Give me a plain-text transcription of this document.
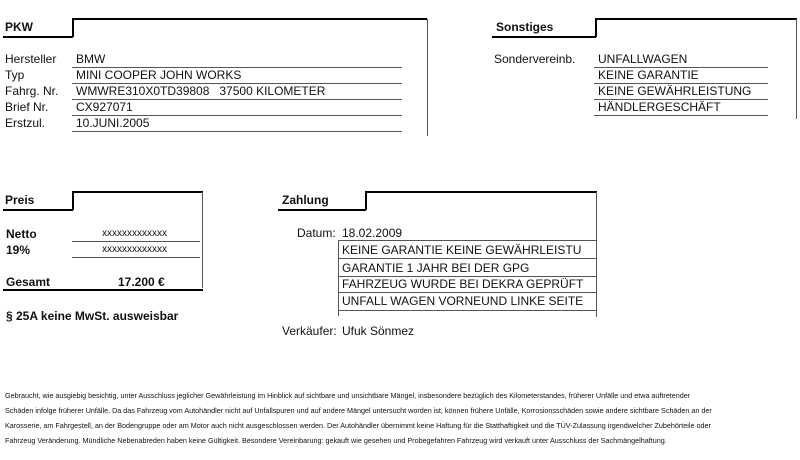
PKW
Hersteller BMW
Typ	MINI COOPER JOHN WORKS
Fahrg. Nr. WMWRE310X0TD39808   37500 KILOMETER
Brief Nr. CX927071
Erstzul.	10.JUNI.2005
Sonstiges
Sondervereinb. UNFALLWAGEN
KEINE GARANTIE
KEINE GEWÄHRLEISTUNG
HÄNDLERGESCHÄFT
Preis
Netto	xxxxxxxxxxxxx
19%	xxxxxxxxxxxxx
Gesamt	17.200 €
§ 25A keine MwSt. ausweisbar
Zahlung
Datum: 18.02.2009
KEINE GARANTIE KEINE GEWÄHRLEISTU
GARANTIE 1 JAHR BEI DER GPG
FAHRZEUG WURDE BEI DEKRA GEPRÜFT
UNFALL WAGEN VORNEUND LINKE SEITE
Verkäufer: Ufuk Sönmez
Gebraucht, wie ausgiebig besichtig, unter Ausschluss jeglicher Gewährleistung im Hinblick auf sichtbare und unsichtbare Mängel, insbesondere bezüglich des Kilometerstandes, früherer Unfälle und etwa auftretender
Schäden infolge früherer Unfälle. Da das Fahrzeug vom Autohändler nicht auf Unfallspuren und auf andere Mängel untersucht worden ist, können frühere Unfälle, Korrosionsschäden sowie andere sichtbare Schäden an der
Karosserie, am Fahrgestell, an der Bodengruppe oder am Motor auch nicht ausgeschlossen werden. Der Autohändler übernimmt keine Haftung für die Statthaftigkeit und die TÜV-Zulassung irgendwelcher Zubehörteile oder
Fahrzeug Veränderung. Mündliche Nebenabreden haben keine Gültigkeit. Besondere Vereinbarung: gekauft wie gesehen und Probegefahren Fahrzeug wird verkauft unter Ausschluss der Sachmängelhaftung.
